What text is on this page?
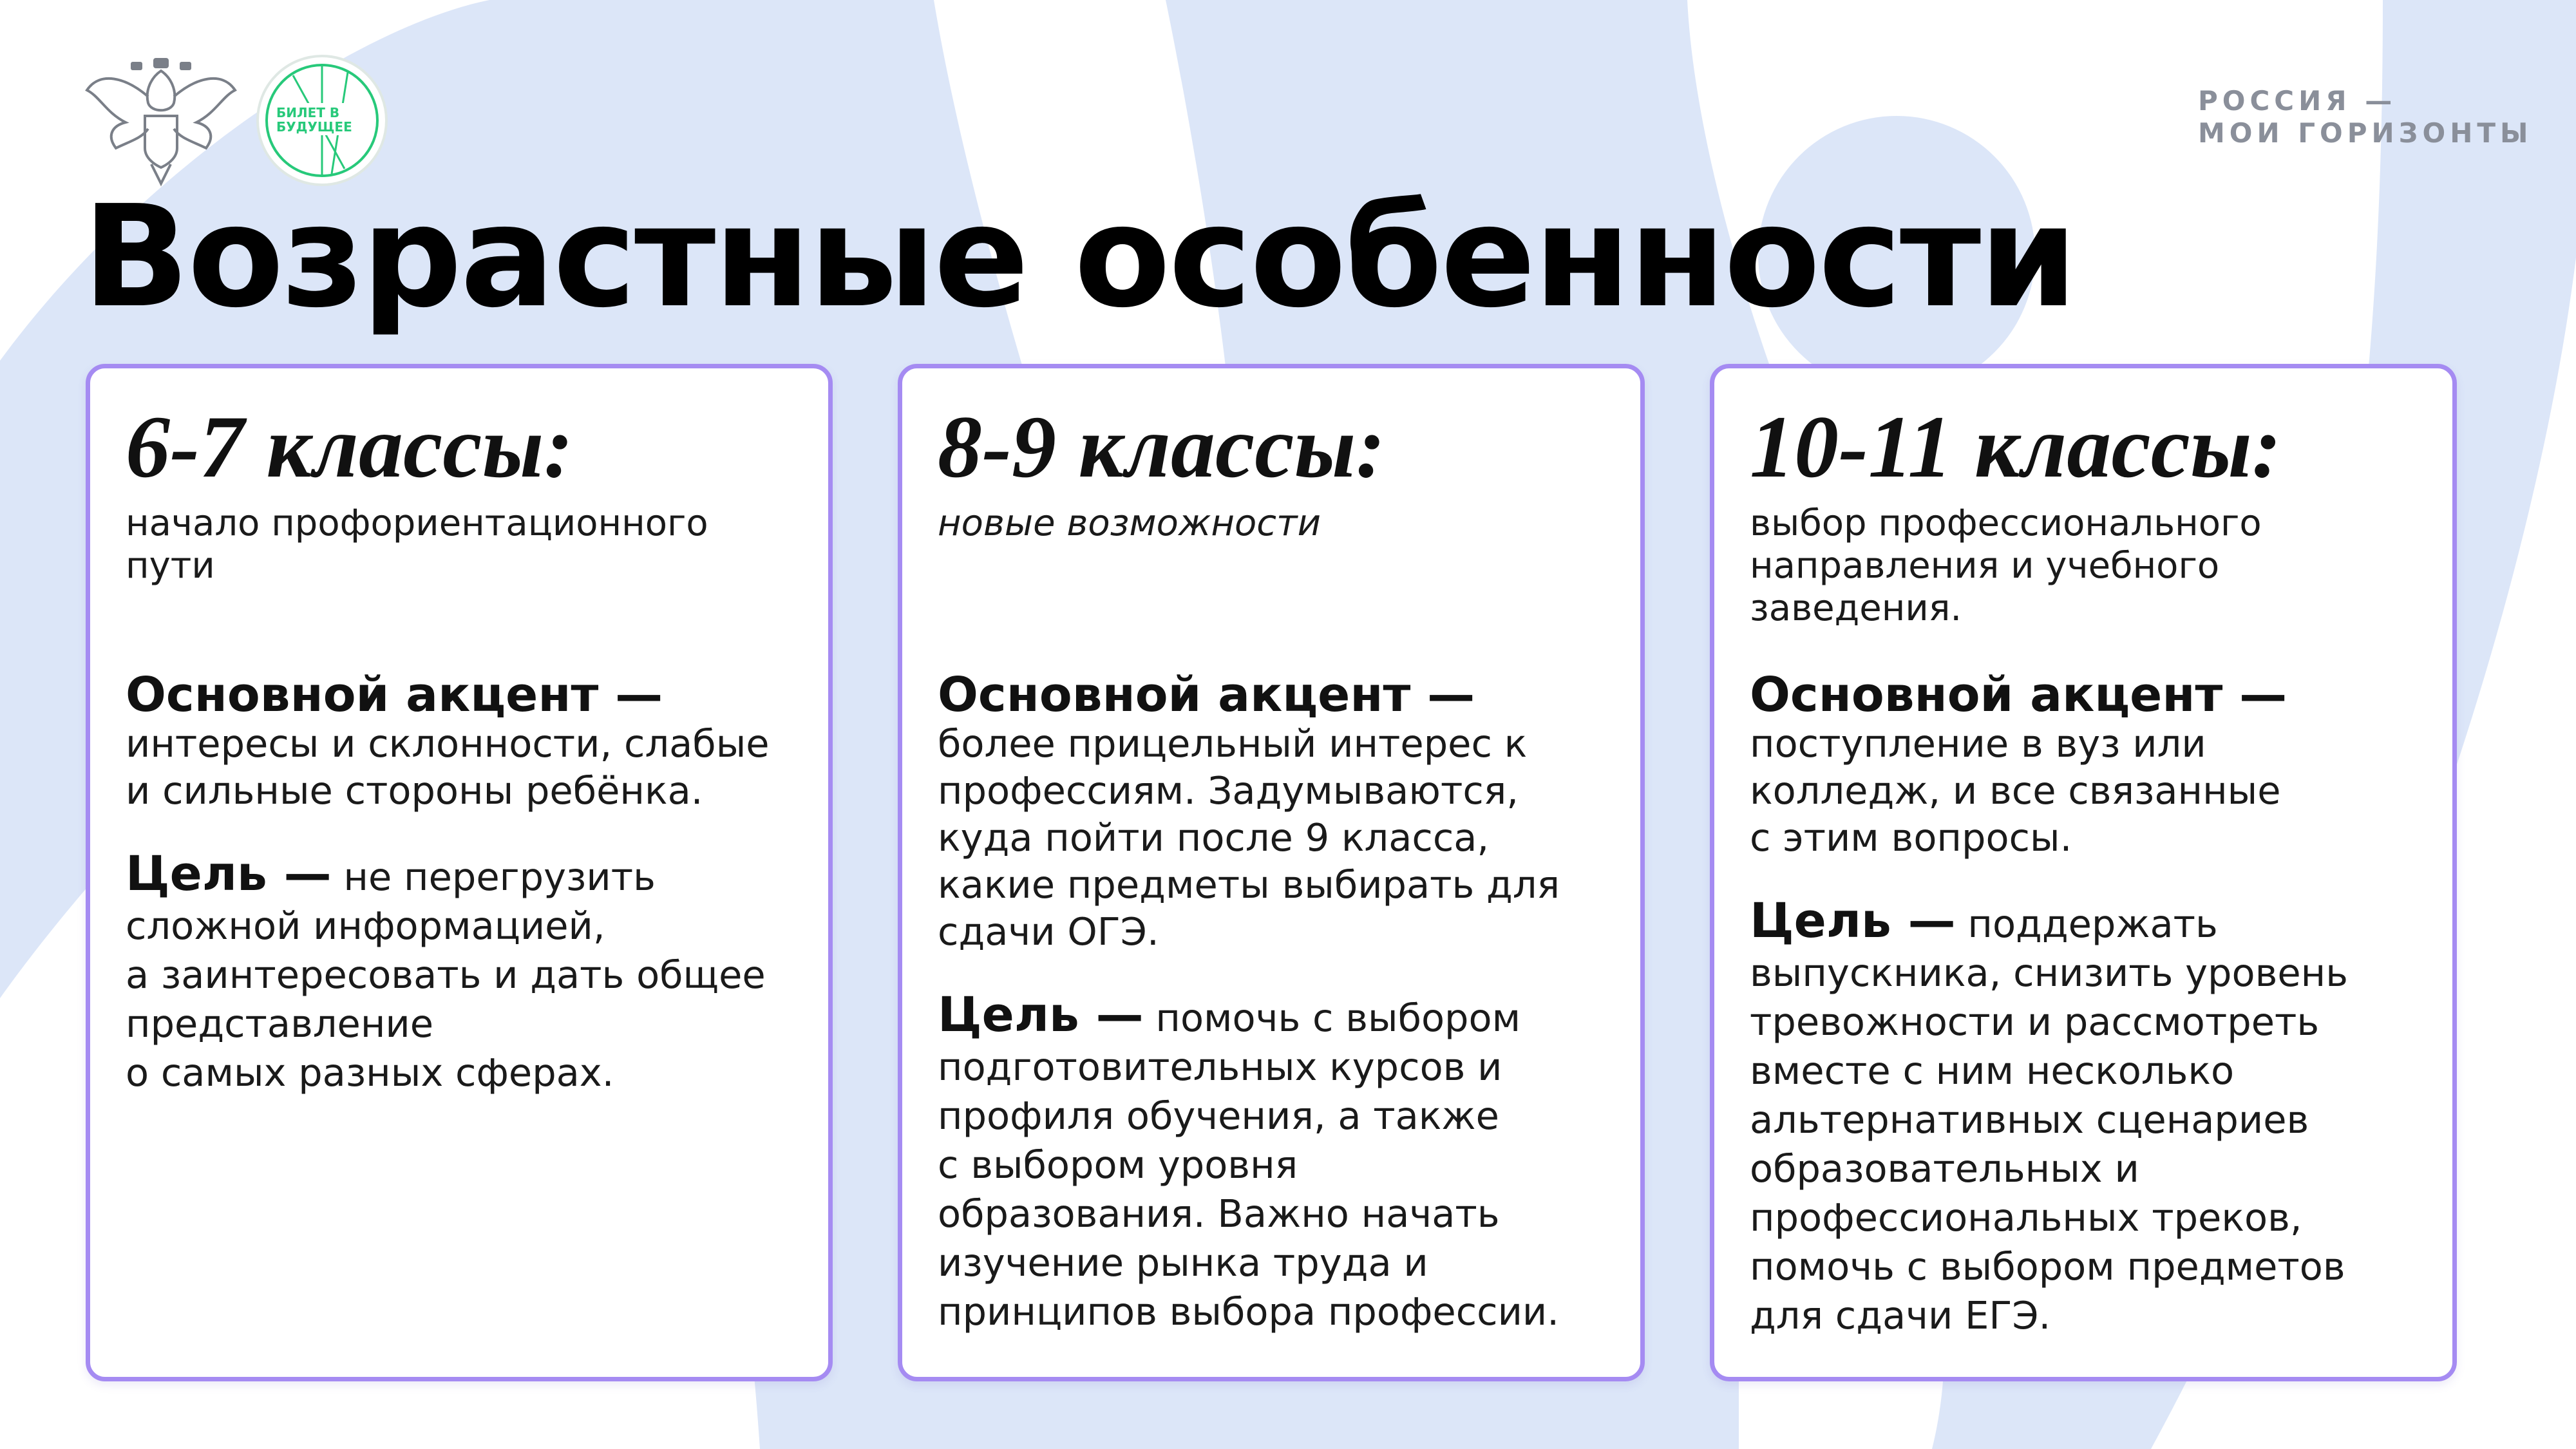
БИЛЕТ В
БУДУЩЕЕ
РОССИЯ —
МОИ ГОРИЗОНТЫ
Возрастные особенности
6-7 классы:

начало профориентационного пути

Основной акцент —
интересы и склонности, слабые
и сильные стороны ребёнка.
Цель — не перегрузить
сложной информацией,
а заинтересовать и дать общее
представление
о самых разных сферах.
8-9 классы:

новые возможности

Основной акцент —
более прицельный интерес к
профессиям. Задумываются,
куда пойти после 9 класса,
какие предметы выбирать для
сдачи ОГЭ.
Цель — помочь с выбором
подготовительных курсов и
профиля обучения, а также
с выбором уровня
образования. Важно начать
изучение рынка труда и
принципов выбора профессии.
10-11 классы:

выбор профессионального направления и учебного заведения.

Основной акцент —
поступление в вуз или
колледж, и все связанные
с этим вопросы.
Цель — поддержать
выпускника, снизить уровень
тревожности и рассмотреть
вместе с ним несколько
альтернативных сценариев
образовательных и
профессиональных треков,
помочь с выбором предметов
для сдачи ЕГЭ.
